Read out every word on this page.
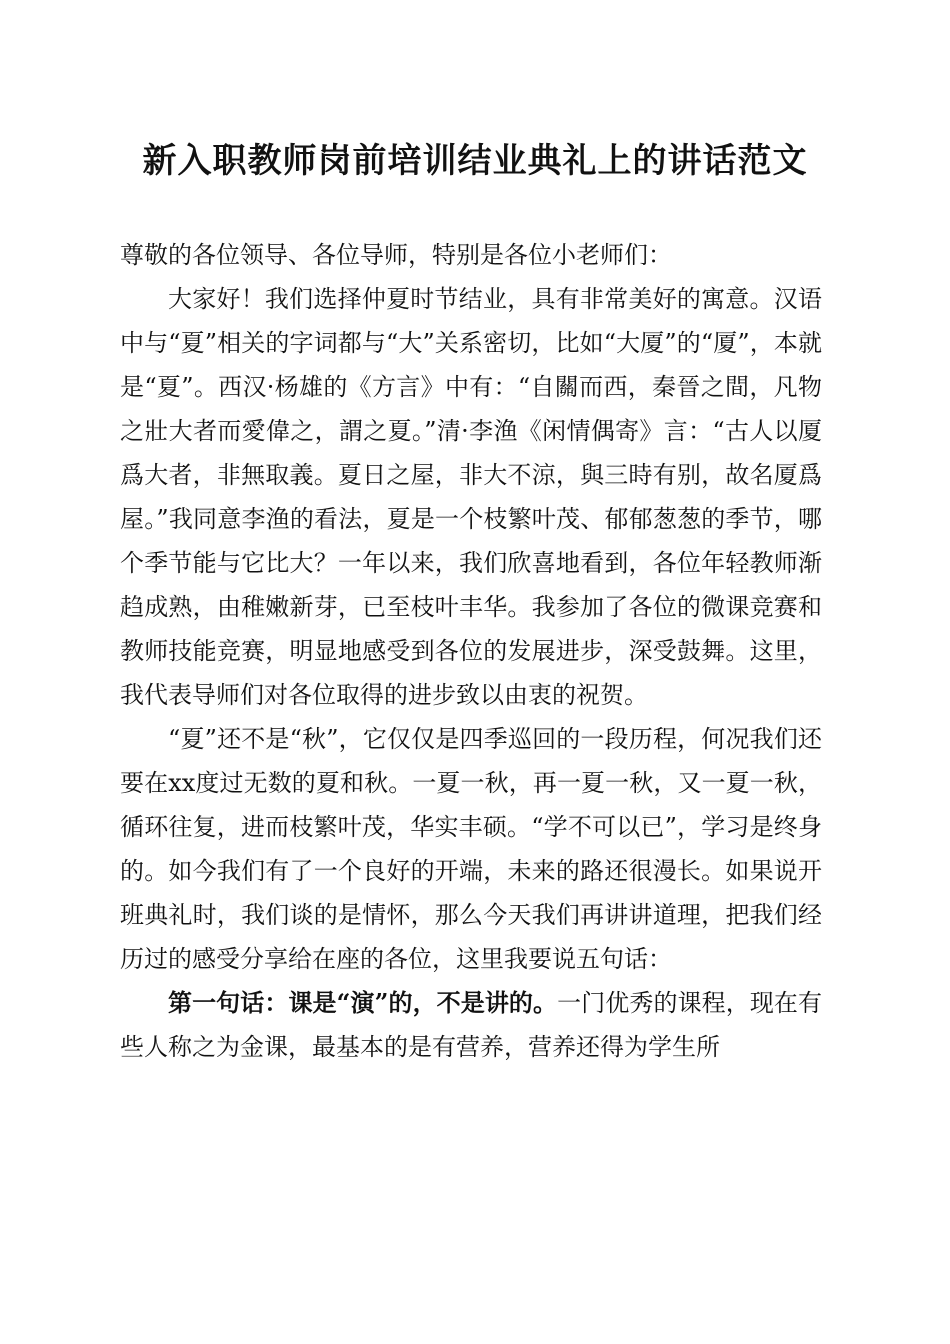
新入职教师岗前培训结业典礼上的讲话范文

尊敬的各位领导、各位导师，特别是各位小老师们：

大家好！我们选择仲夏时节结业，具有非常美好的寓意。汉语中与“夏”相关的字词都与“大”关系密切，比如“大厦”的“厦”，本就是“夏”。西汉·杨雄的《方言》中有：“自關而西，秦晉之間，凡物之壯大者而愛偉之，謂之夏。”清·李渔《闲情偶寄》言：“古人以厦爲大者，非無取義。夏日之屋，非大不涼，與三時有别，故名厦爲屋。”我同意李渔的看法，夏是一个枝繁叶茂、郁郁葱葱的季节，哪个季节能与它比大？一年以来，我们欣喜地看到，各位年轻教师渐趋成熟，由稚嫩新芽，已至枝叶丰华。我参加了各位的微课竞赛和教师技能竞赛，明显地感受到各位的发展进步，深受鼓舞。这里，我代表导师们对各位取得的进步致以由衷的祝贺。

“夏”还不是“秋”，它仅仅是四季巡回的一段历程，何况我们还要在xx度过无数的夏和秋。一夏一秋，再一夏一秋，又一夏一秋，循环往复，进而枝繁叶茂，华实丰硕。“学不可以已”，学习是终身的。如今我们有了一个良好的开端，未来的路还很漫长。如果说开班典礼时，我们谈的是情怀，那么今天我们再讲讲道理，把我们经历过的感受分享给在座的各位，这里我要说五句话：

第一句话：课是“演”的，不是讲的。一门优秀的课程，现在有些人称之为金课，最基本的是有营养，营养还得为学生所
